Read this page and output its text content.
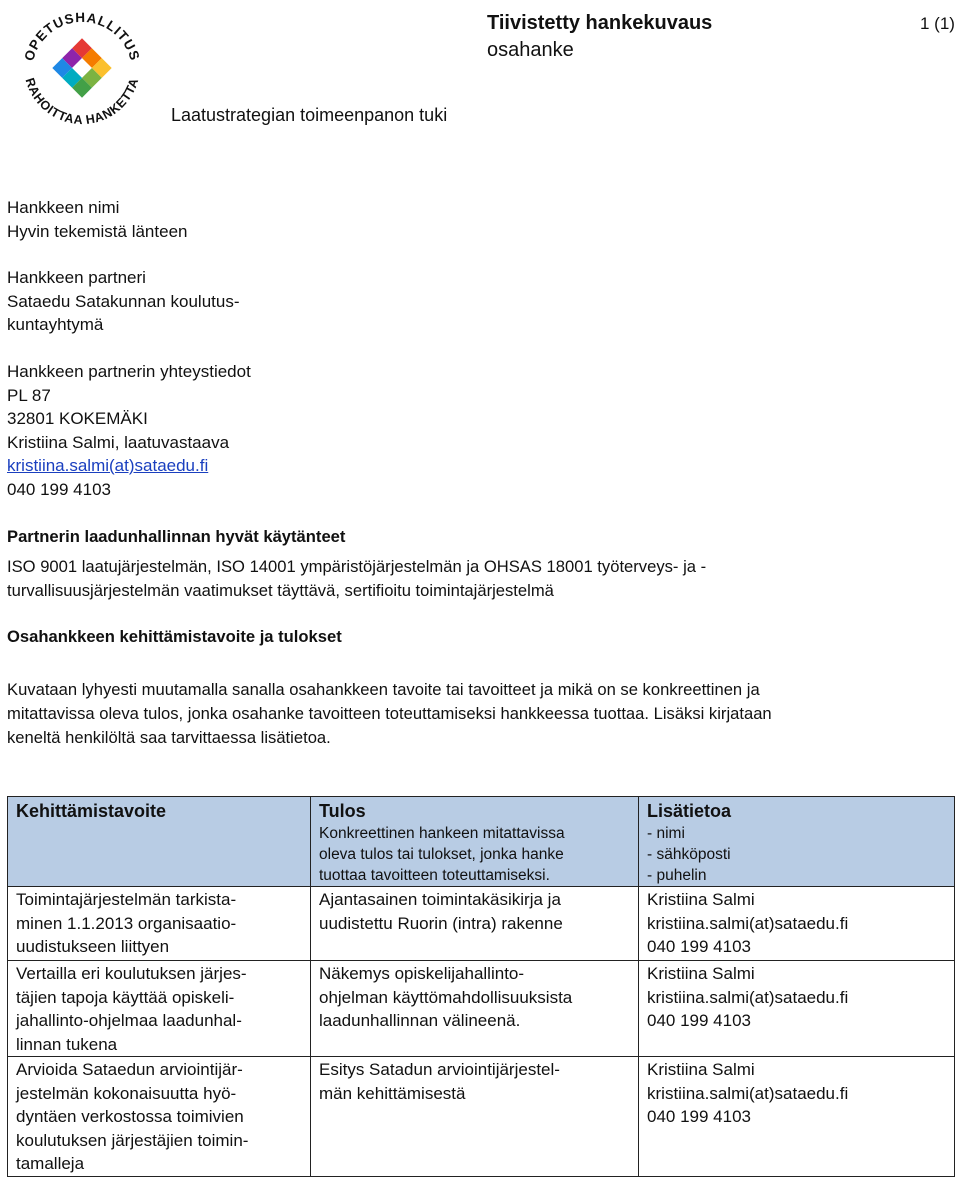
OPETUSHALLITUS
RAHOITTAA HANKETTA
Tiivistetty hankekuvaus
osahanke
1 (1)
Laatustrategian toimeenpanon tuki
Hankkeen nimi
Hyvin tekemistä länteen
Hankkeen partneri
Sataedu Satakunnan koulutus-
kuntayhtymä
Hankkeen partnerin yhteystiedot
PL 87
32801 KOKEMÄKI
Kristiina Salmi, laatuvastaava
kristiina.salmi(at)sataedu.fi
040 199 4103
Partnerin laadunhallinnan hyvät käytänteet
ISO 9001 laatujärjestelmän, ISO 14001 ympäristöjärjestelmän ja OHSAS 18001 työterveys- ja -
turvallisuusjärjestelmän vaatimukset täyttävä, sertifioitu toimintajärjestelmä
Osahankkeen kehittämistavoite ja tulokset
Kuvataan lyhyesti muutamalla sanalla osahankkeen tavoite tai tavoitteet ja mikä on se konkreettinen ja
mitattavissa oleva tulos, jonka osahanke tavoitteen toteuttamiseksi hankkeessa tuottaa. Lisäksi kirjataan
keneltä henkilöltä saa tarvittaessa lisätietoa.
Kehittämistavoite	Tulos
Konkreettinen hankeen mitattavissa
oleva tulos tai tulokset, jonka hanke
tuottaa tavoitteen toteuttamiseksi.	Lisätietoa
- nimi
- sähköposti
- puhelin

Toimintajärjestelmän tarkista-
minen 1.1.2013 organisaatio-
uudistukseen liittyen	Ajantasainen toimintakäsikirja ja
uudistettu Ruorin (intra) rakenne	Kristiina Salmi
kristiina.salmi(at)sataedu.fi
040 199 4103

Vertailla eri koulutuksen järjes-
täjien tapoja käyttää opiskeli-
jahallinto-ohjelmaa laadunhal-
linnan tukena	Näkemys opiskelijahallinto-
ohjelman käyttömahdollisuuksista
laadunhallinnan välineenä.	Kristiina Salmi
kristiina.salmi(at)sataedu.fi
040 199 4103

Arvioida Sataedun arviointijär-
jestelmän kokonaisuutta hyö-
dyntäen verkostossa toimivien
koulutuksen järjestäjien toimin-
tamalleja	Esitys Satadun arviointijärjestel-
män kehittämisestä	Kristiina Salmi
kristiina.salmi(at)sataedu.fi
040 199 4103
